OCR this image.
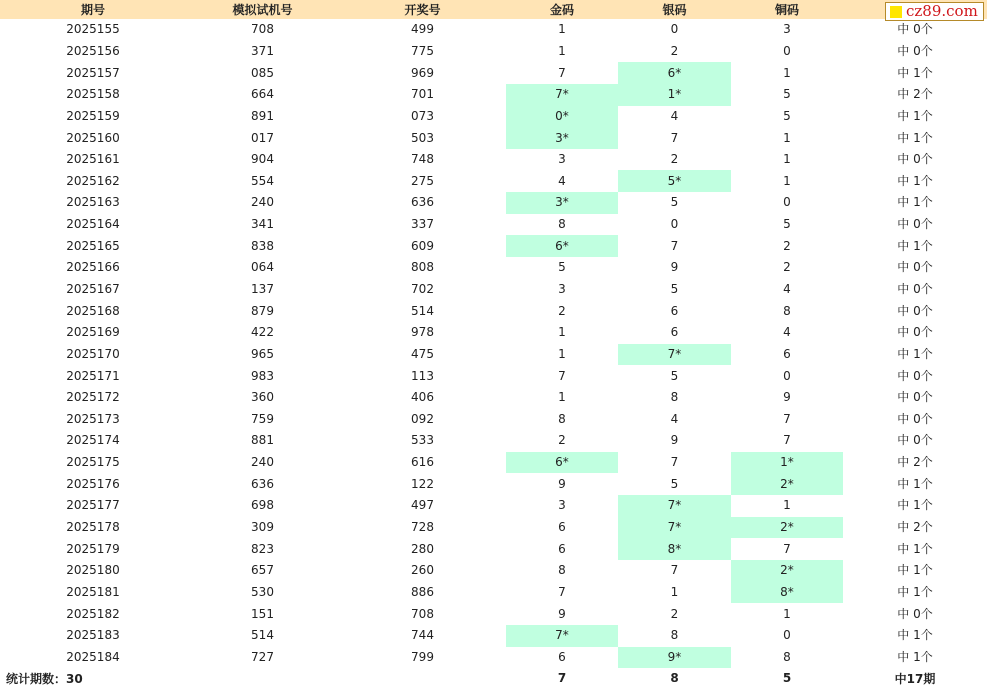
期号	模拟试机号	开奖号	金码	银码	铜码	
2025155	708	499	1	0	3	中 0个
2025156	371	775	1	2	0	中 0个
2025157	085	969	7	6*	1	中 1个
2025158	664	701	7*	1*	5	中 2个
2025159	891	073	0*	4	5	中 1个
2025160	017	503	3*	7	1	中 1个
2025161	904	748	3	2	1	中 0个
2025162	554	275	4	5*	1	中 1个
2025163	240	636	3*	5	0	中 1个
2025164	341	337	8	0	5	中 0个
2025165	838	609	6*	7	2	中 1个
2025166	064	808	5	9	2	中 0个
2025167	137	702	3	5	4	中 0个
2025168	879	514	2	6	8	中 0个
2025169	422	978	1	6	4	中 0个
2025170	965	475	1	7*	6	中 1个
2025171	983	113	7	5	0	中 0个
2025172	360	406	1	8	9	中 0个
2025173	759	092	8	4	7	中 0个
2025174	881	533	2	9	7	中 0个
2025175	240	616	6*	7	1*	中 2个
2025176	636	122	9	5	2*	中 1个
2025177	698	497	3	7*	1	中 1个
2025178	309	728	6	7*	2*	中 2个
2025179	823	280	6	8*	7	中 1个
2025180	657	260	8	7	2*	中 1个
2025181	530	886	7	1	8*	中 1个
2025182	151	708	9	2	1	中 0个
2025183	514	744	7*	8	0	中 1个
2025184	727	799	6	9*	8	中 1个
统计期数：30			7	8	5	中17期
cz89.com
